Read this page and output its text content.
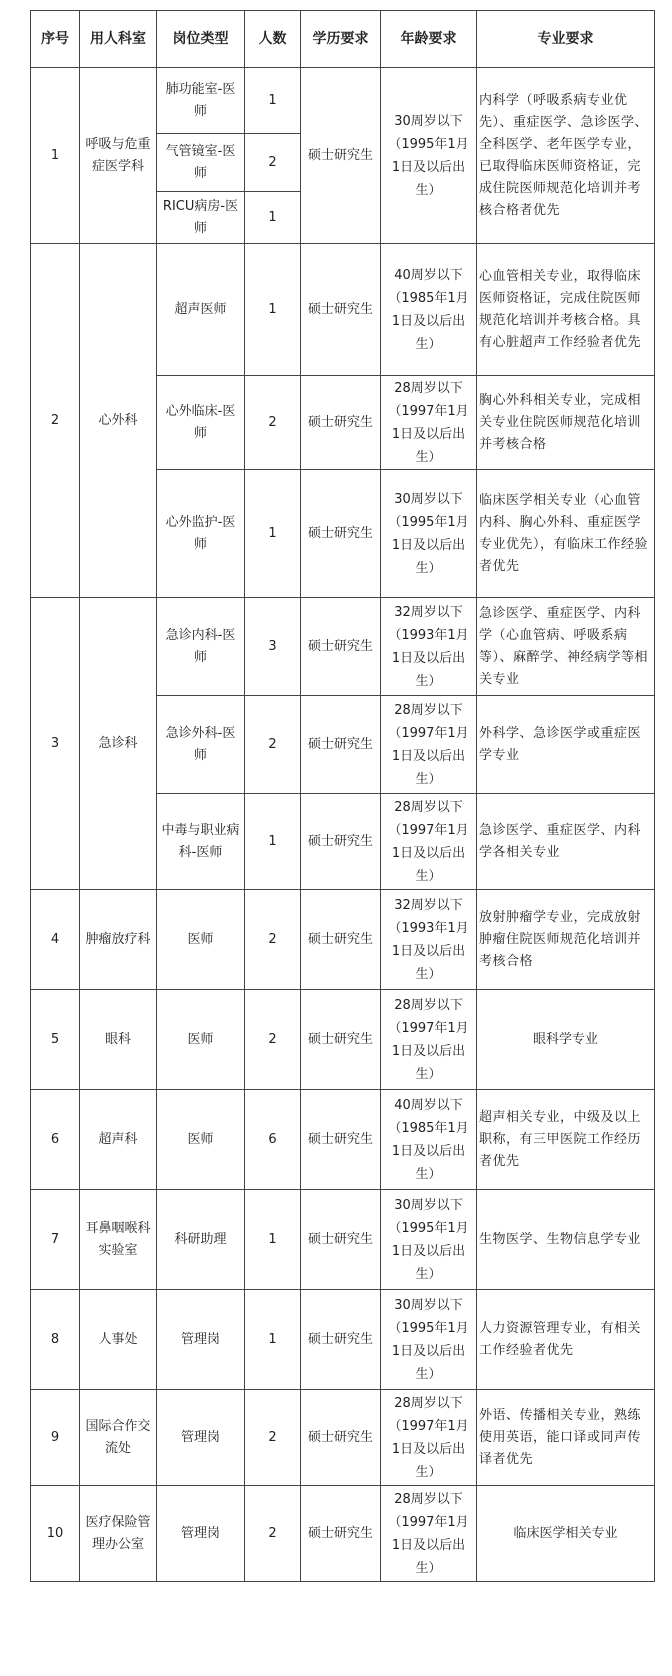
序号	用人科室	岗位类型	人数	学历要求	年龄要求	专业要求
1	呼吸与危重症医学科	肺功能室-医师	1	硕士研究生	30周岁以下（1995年1月1日及以后出生）	内科学（呼吸系病专业优先）、重症医学、急诊医学、全科医学、老年医学专业，已取得临床医师资格证，完成住院医师规范化培训并考核合格者优先
		气管镜室-医师	2			
		RICU病房-医师	1			
2	心外科	超声医师	1	硕士研究生	40周岁以下（1985年1月1日及以后出生）	心血管相关专业，取得临床医师资格证，完成住院医师规范化培训并考核合格。具有心脏超声工作经验者优先
		心外临床-医师	2	硕士研究生	28周岁以下（1997年1月1日及以后出生）	胸心外科相关专业，完成相关专业住院医师规范化培训并考核合格
		心外监护-医师	1	硕士研究生	30周岁以下（1995年1月1日及以后出生）	临床医学相关专业（心血管内科、胸心外科、重症医学专业优先），有临床工作经验者优先
3	急诊科	急诊内科-医师	3	硕士研究生	32周岁以下（1993年1月1日及以后出生）	急诊医学、重症医学、内科学（心血管病、呼吸系病等）、麻醉学、神经病学等相关专业
		急诊外科-医师	2	硕士研究生	28周岁以下（1997年1月1日及以后出生）	外科学、急诊医学或重症医学专业
		中毒与职业病科-医师	1	硕士研究生	28周岁以下（1997年1月1日及以后出生）	急诊医学、重症医学、内科学各相关专业
4	肿瘤放疗科	医师	2	硕士研究生	32周岁以下（1993年1月1日及以后出生）	放射肿瘤学专业，完成放射肿瘤住院医师规范化培训并考核合格
5	眼科	医师	2	硕士研究生	28周岁以下（1997年1月1日及以后出生）	眼科学专业
6	超声科	医师	6	硕士研究生	40周岁以下（1985年1月1日及以后出生）	超声相关专业，中级及以上职称，有三甲医院工作经历者优先
7	耳鼻咽喉科实验室	科研助理	1	硕士研究生	30周岁以下（1995年1月1日及以后出生）	生物医学、生物信息学专业
8	人事处	管理岗	1	硕士研究生	30周岁以下（1995年1月1日及以后出生）	人力资源管理专业，有相关工作经验者优先
9	国际合作交流处	管理岗	2	硕士研究生	28周岁以下（1997年1月1日及以后出生）	外语、传播相关专业，熟练使用英语，能口译或同声传译者优先
10	医疗保险管理办公室	管理岗	2	硕士研究生	28周岁以下（1997年1月1日及以后出生）	临床医学相关专业
